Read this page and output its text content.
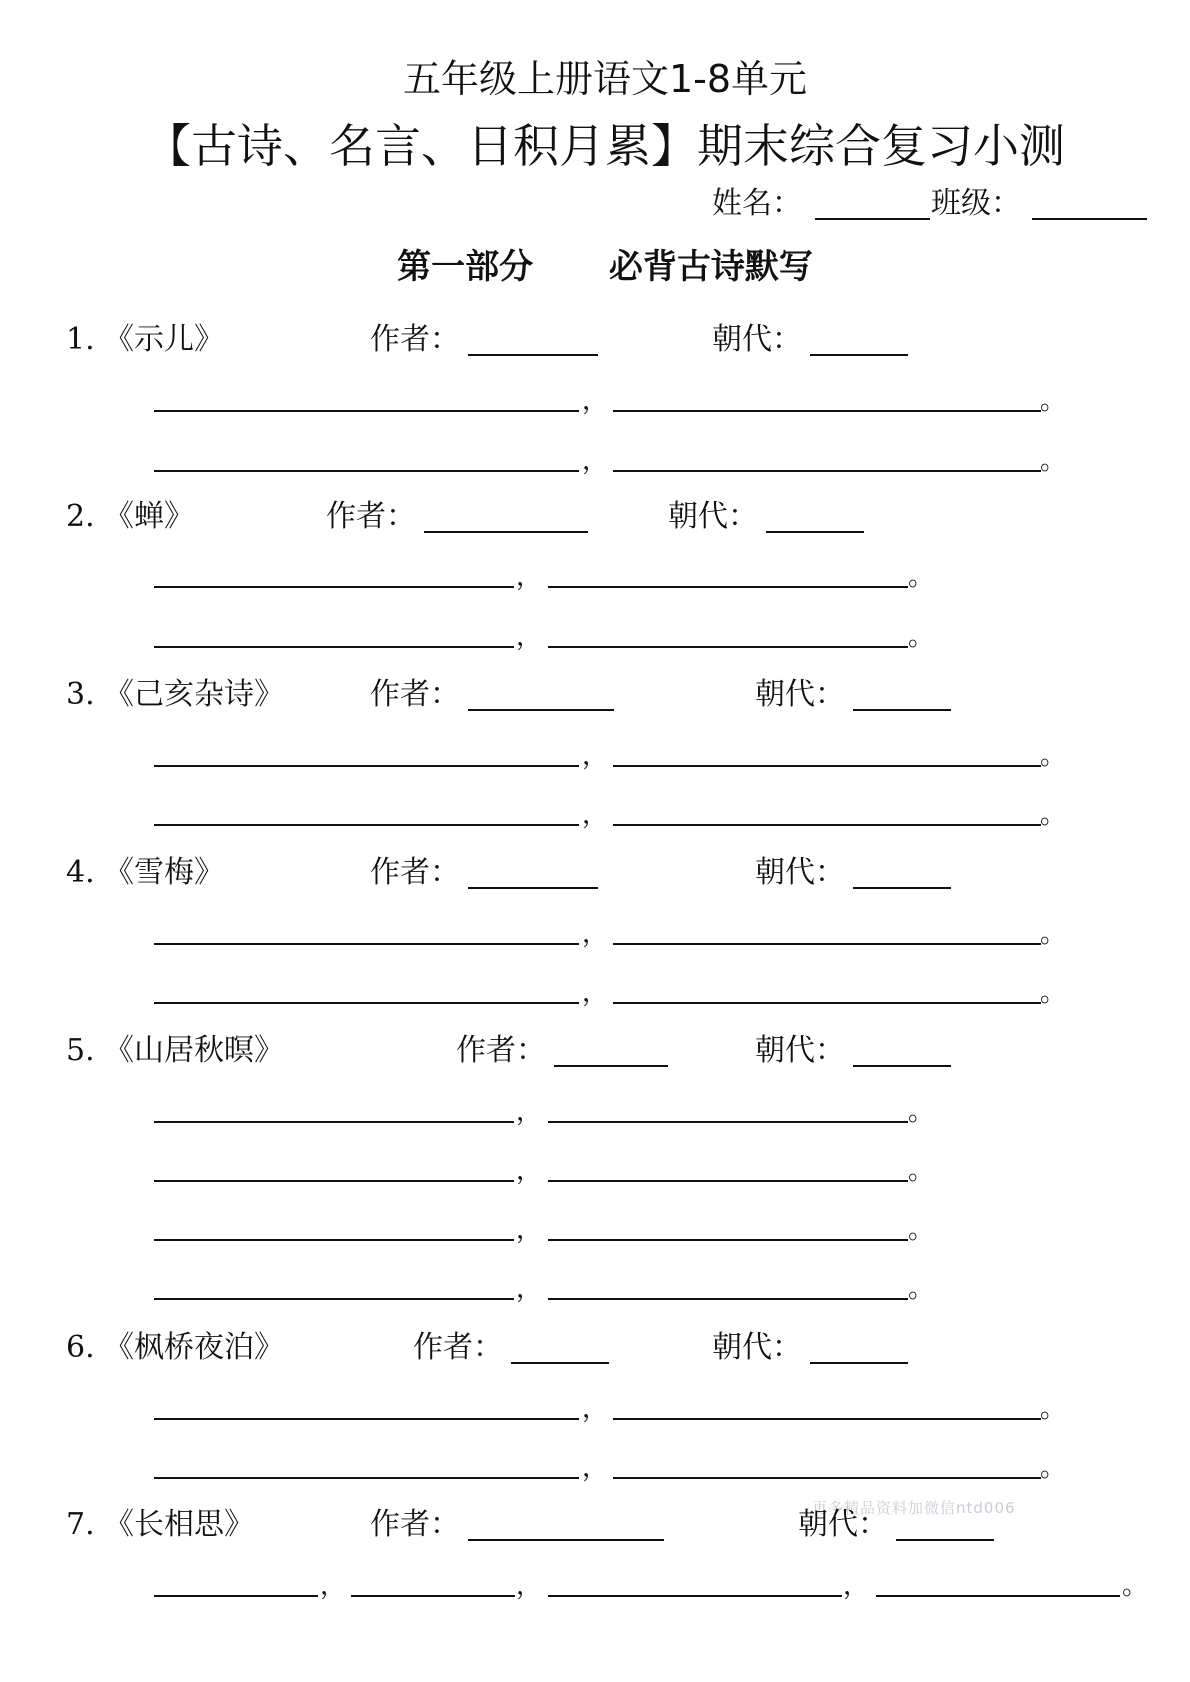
五年级上册语文1-8单元
【古诗、名言、日积月累】期末综合复习小测
姓名：	班级：
第一部分 必背古诗默写
1. 《示儿》	作者：	朝代：
，	。
，	。
2. 《蝉》	作者：	朝代：
，	。
，	。
3. 《己亥杂诗》	作者：	朝代：
，	。
，	。
4. 《雪梅》	作者：	朝代：
，	。
，	。
5. 《山居秋暝》	作者：	朝代：
，	。
，	。
，	。
，	。
6. 《枫桥夜泊》	作者：	朝代：
，	。
，	。
更多精品资料加微信ntd006
7. 《长相思》	作者：	朝代：
，	，	，	。
